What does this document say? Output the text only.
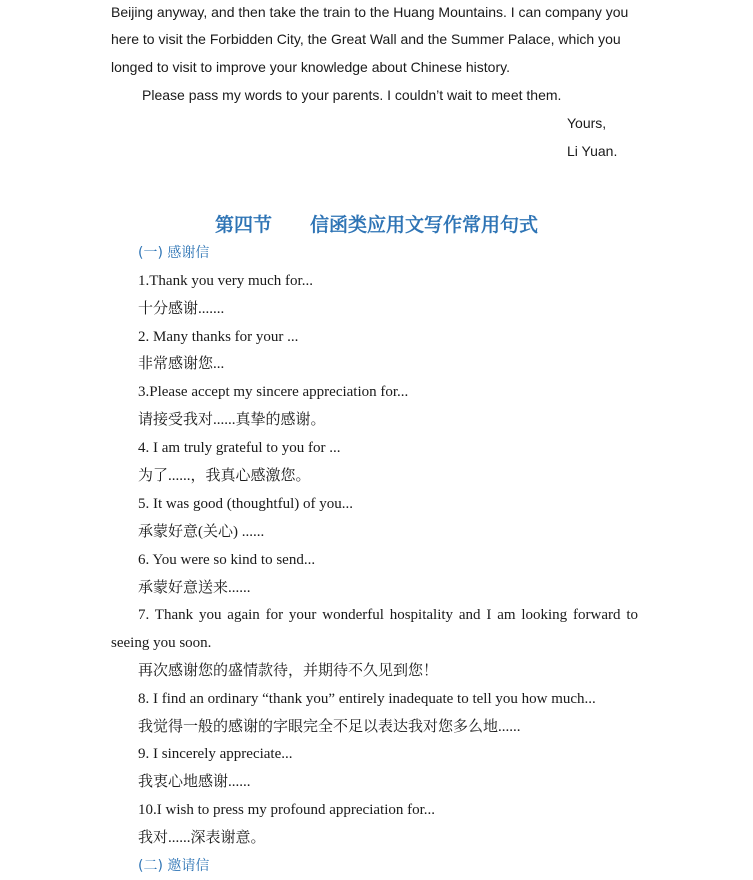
Beijing anyway, and then take the train to the Huang Mountains. I can company you
here to visit the Forbidden City, the Great Wall and the Summer Palace, which you
longed to visit to improve your knowledge about Chinese history.
Please pass my words to your parents. I couldn’t wait to meet them.
Yours,
Li Yuan.
第四节　　信函类应用文写作常用句式
(一) 感谢信
1.Thank you very much for...
十分感谢.......
2. Many thanks for your ...
非常感谢您...
3.Please accept my sincere appreciation for...
请接受我对......真挚的感谢。
4. I am truly grateful to you for ...
为了......，我真心感激您。
5. It was good (thoughtful) of you...
承蒙好意(关心) ......
6. You were so kind to send...
承蒙好意送来......
7. Thank you again for your wonderful hospitality and I am looking forward to
seeing you soon.
再次感谢您的盛情款待，并期待不久见到您！
8. I find an ordinary “thank you” entirely inadequate to tell you how much...
我觉得一般的感谢的字眼完全不足以表达我对您多么地......
9. I sincerely appreciate...
我衷心地感谢......
10.I wish to press my profound appreciation for...
我对......深表谢意。
(二) 邀请信
